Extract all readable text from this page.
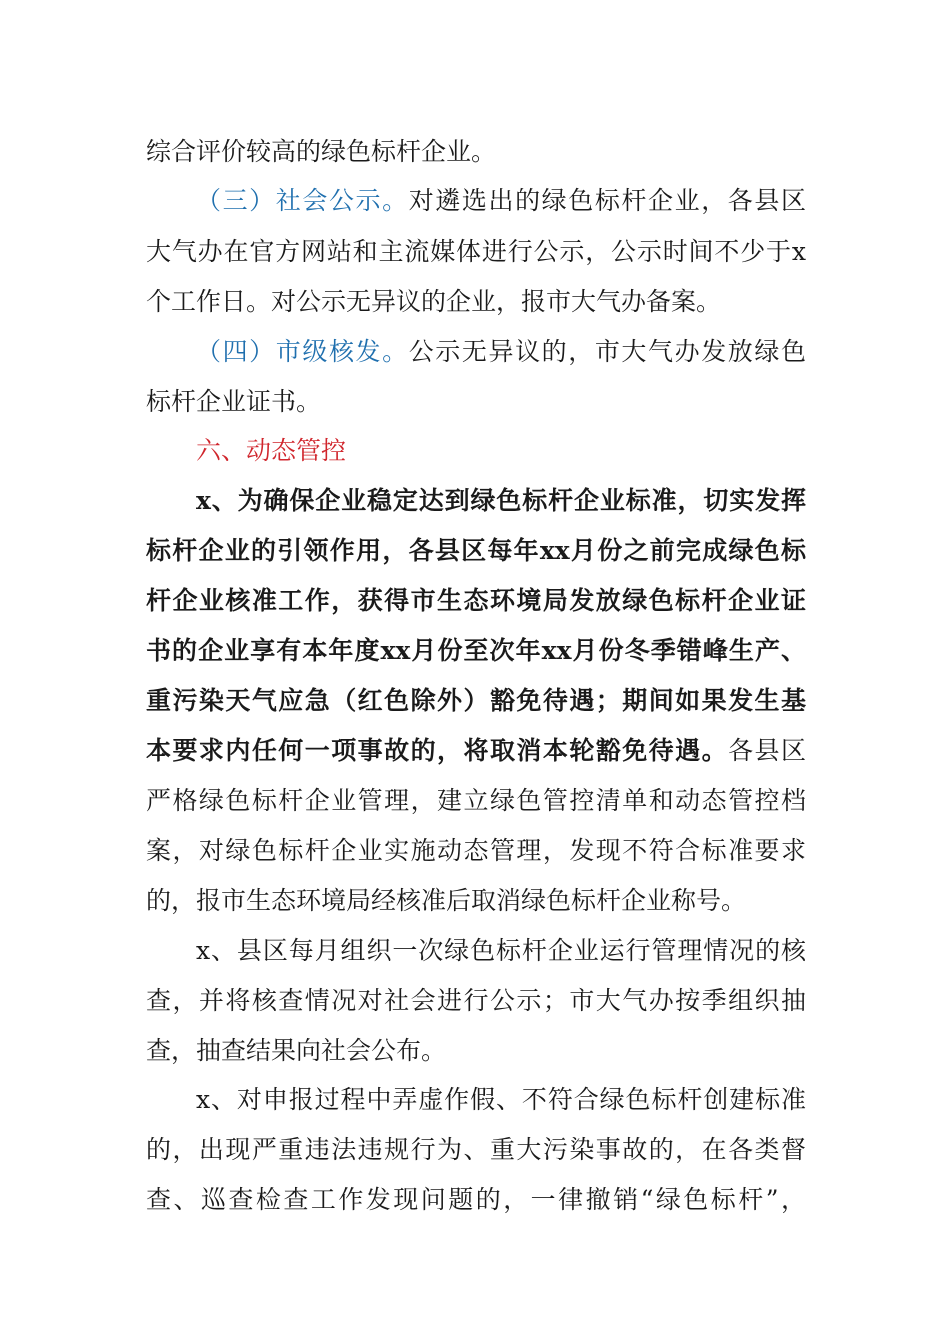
综合评价较高的绿色标杆企业。
（三）社会公示。对遴选出的绿色标杆企业，各县区
大气办在官方网站和主流媒体进行公示，公示时间不少于x
个工作日。对公示无异议的企业，报市大气办备案。
（四）市级核发。公示无异议的，市大气办发放绿色
标杆企业证书。
六、动态管控
x、为确保企业稳定达到绿色标杆企业标准，切实发挥
标杆企业的引领作用，各县区每年xx月份之前完成绿色标
杆企业核准工作，获得市生态环境局发放绿色标杆企业证
书的企业享有本年度xx月份至次年xx月份冬季错峰生产、
重污染天气应急（红色除外）豁免待遇；期间如果发生基
本要求内任何一项事故的，将取消本轮豁免待遇。各县区
严格绿色标杆企业管理，建立绿色管控清单和动态管控档
案，对绿色标杆企业实施动态管理，发现不符合标准要求
的，报市生态环境局经核准后取消绿色标杆企业称号。
x、县区每月组织一次绿色标杆企业运行管理情况的核
查，并将核查情况对社会进行公示；市大气办按季组织抽
查，抽查结果向社会公布。
x、对申报过程中弄虚作假、不符合绿色标杆创建标准
的，出现严重违法违规行为、重大污染事故的，在各类督
查、巡查检查工作发现问题的，一律撤销“绿色标杆”，
